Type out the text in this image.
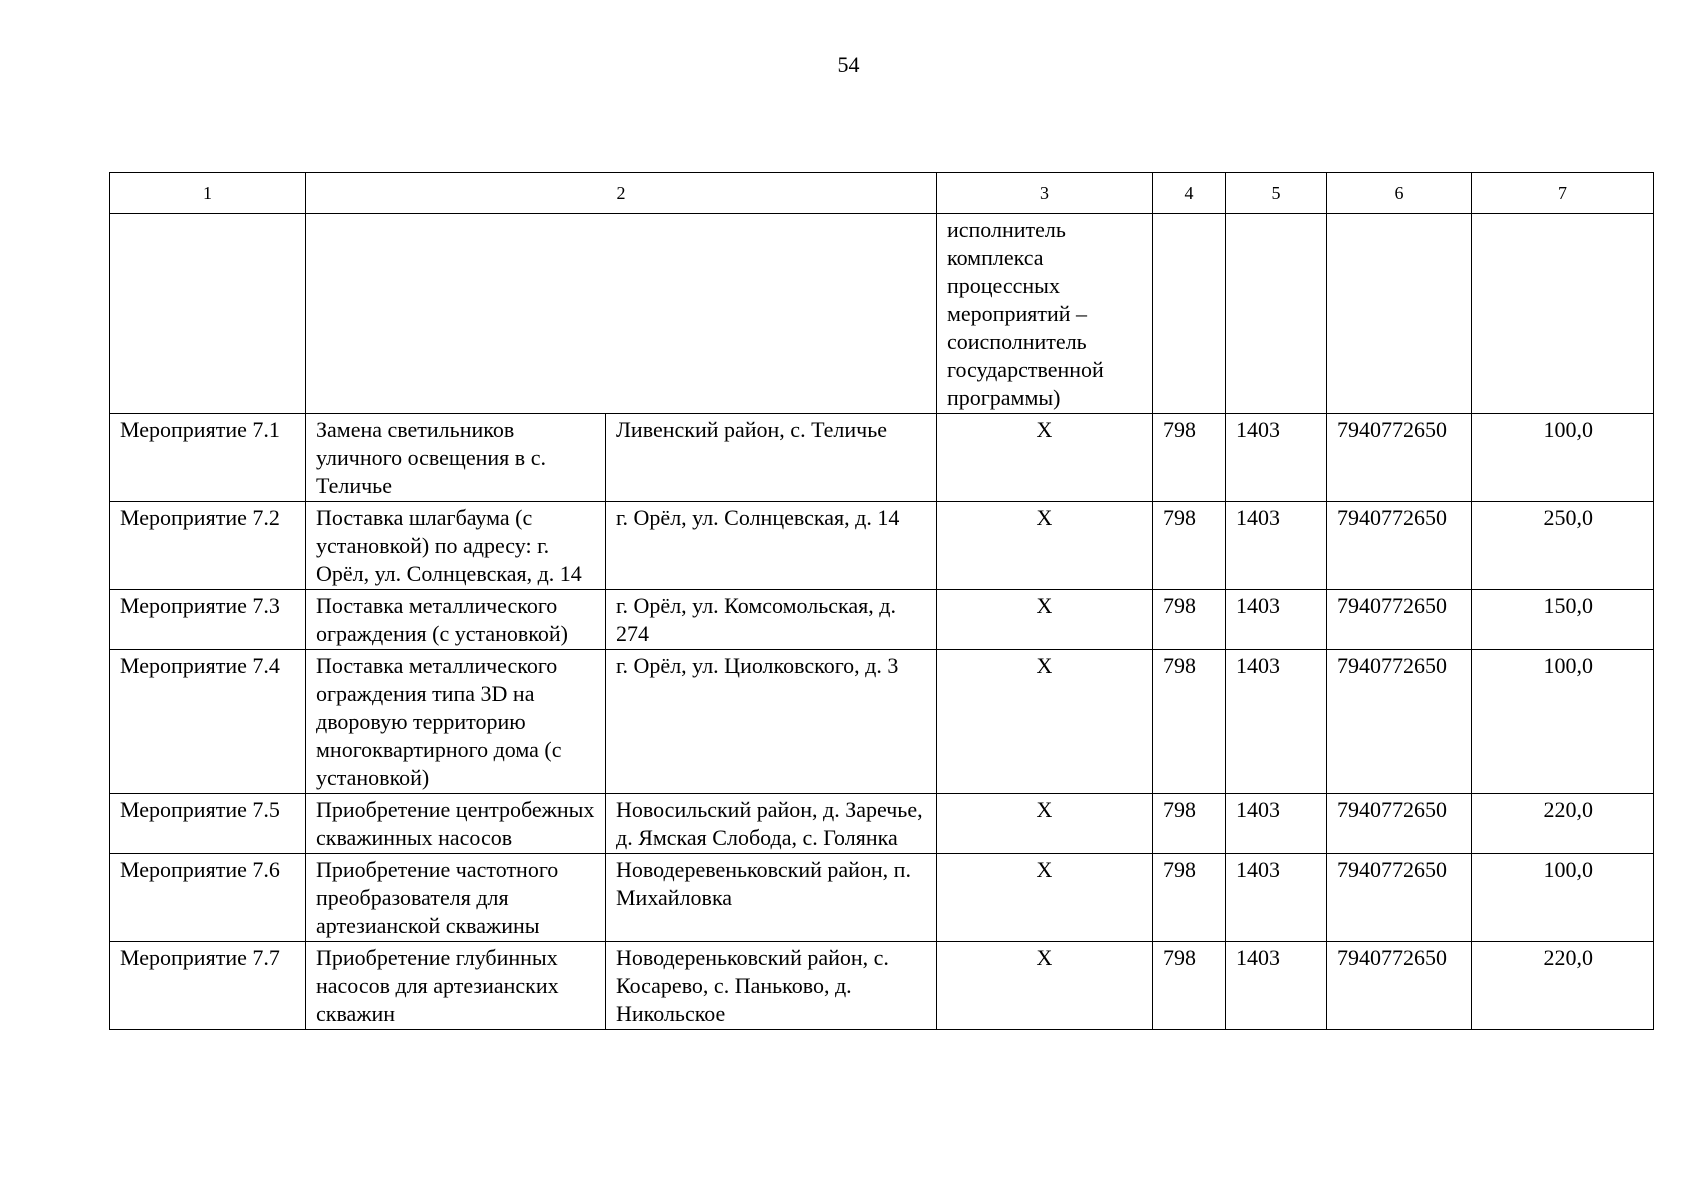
54
1	2		3	4	5	6	7
			исполнитель комплекса процессных мероприятий – соисполнитель государственной программы)				
Мероприятие 7.1	Замена светильников уличного освещения в с. Теличье	Ливенский район, с. Теличье	X	798	1403	7940772650	100,0
Мероприятие 7.2	Поставка шлагбаума (с установкой) по адресу: г. Орёл, ул. Солнцевская, д. 14	г. Орёл, ул. Солнцевская, д. 14	X	798	1403	7940772650	250,0
Мероприятие 7.3	Поставка металлического ограждения (с установкой)	г. Орёл, ул. Комсомольская, д. 274	X	798	1403	7940772650	150,0
Мероприятие 7.4	Поставка металлического ограждения типа 3D на дворовую территорию многоквартирного дома (с установкой)	г. Орёл, ул. Циолковского, д. 3	X	798	1403	7940772650	100,0
Мероприятие 7.5	Приобретение центробежных скважинных насосов	Новосильский район, д. Заречье, д. Ямская Слобода, с. Голянка	X	798	1403	7940772650	220,0
Мероприятие 7.6	Приобретение частотного преобразователя для артезианской скважины	Новодеревеньковский район, п. Михайловка	X	798	1403	7940772650	100,0
Мероприятие 7.7	Приобретение глубинных насосов для артезианских скважин	Новодереньковский район, с. Косарево, с. Паньково, д. Никольское	X	798	1403	7940772650	220,0
